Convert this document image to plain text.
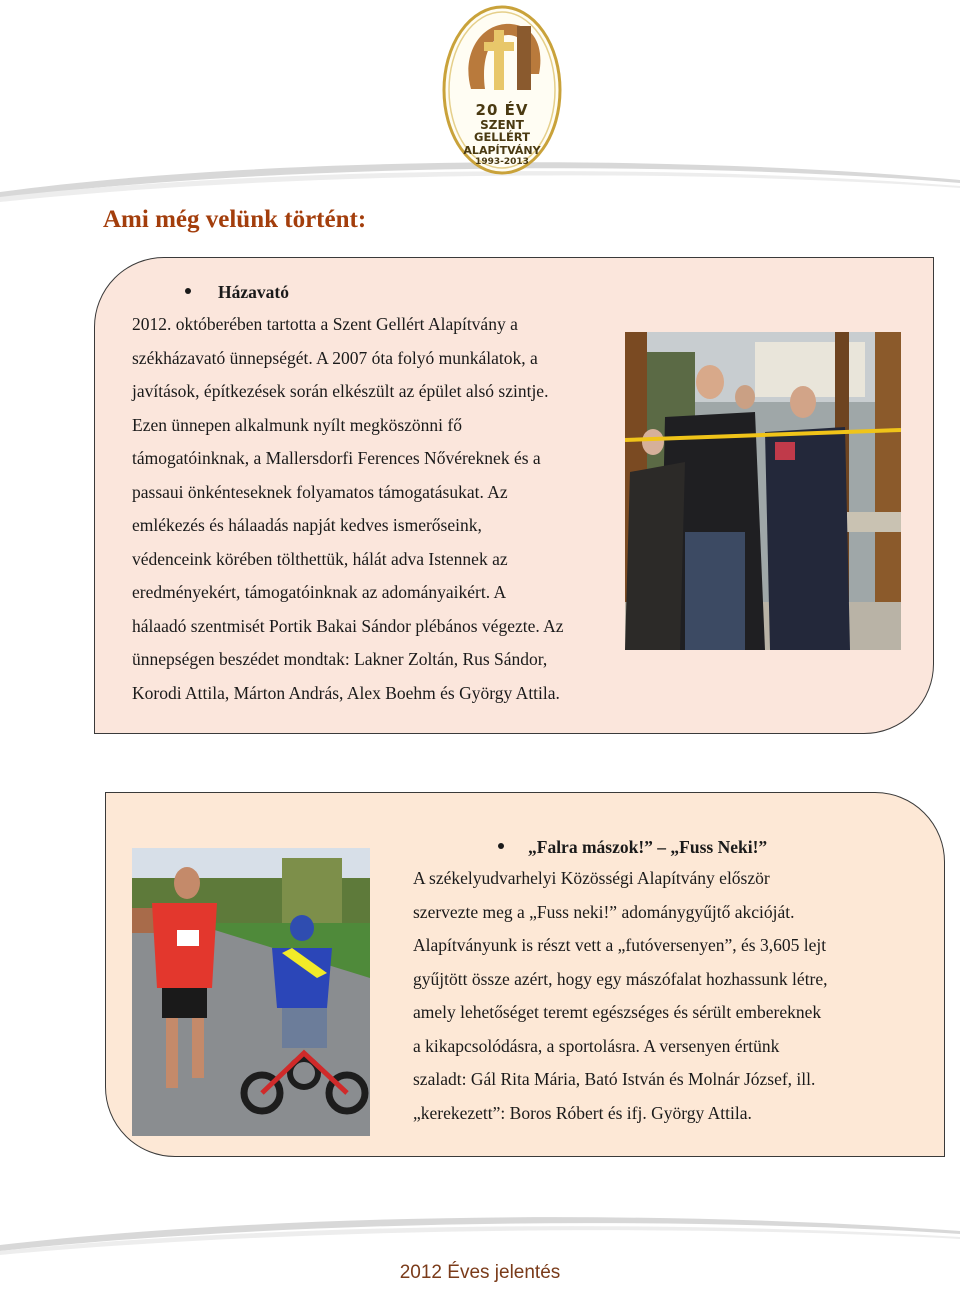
20 ÉV
SZENT
GELLÉRT
ALAPÍTVÁNY
1993-2013
Ami még velünk történt:
Házavató
2012. októberében tartotta a Szent Gellért Alapítvány a
székházavató ünnepségét. A 2007 óta folyó munkálatok, a
javítások, építkezések során elkészült az épület alsó szintje.
Ezen ünnepen alkalmunk nyílt megköszönni fő
támogatóinknak, a Mallersdorfi Ferences Nővéreknek és a
passaui önkénteseknek folyamatos támogatásukat. Az
emlékezés és hálaadás napját kedves ismerőseink,
védenceink körében tölthettük, hálát adva Istennek az
eredményekért, támogatóinknak az adományaikért. A
hálaadó szentmisét Portik Bakai Sándor plébános végezte. Az
ünnepségen beszédet mondtak: Lakner Zoltán, Rus Sándor,
Korodi Attila, Márton András, Alex Boehm és György Attila.
„Falra mászok!” – „Fuss Neki!”
A székelyudvarhelyi Közösségi Alapítvány először
szervezte meg a „Fuss neki!” adománygyűjtő akcióját.
Alapítványunk is részt vett a „futóversenyen”, és 3,605 lejt
gyűjtött össze azért, hogy egy mászófalat hozhassunk létre,
amely lehetőséget teremt egészséges és sérült embereknek
a kikapcsolódásra, a sportolásra. A versenyen értünk
szaladt: Gál Rita Mária, Bató István és Molnár József, ill.
„kerekezett”: Boros Róbert és ifj. György Attila.
2012 Éves jelentés
